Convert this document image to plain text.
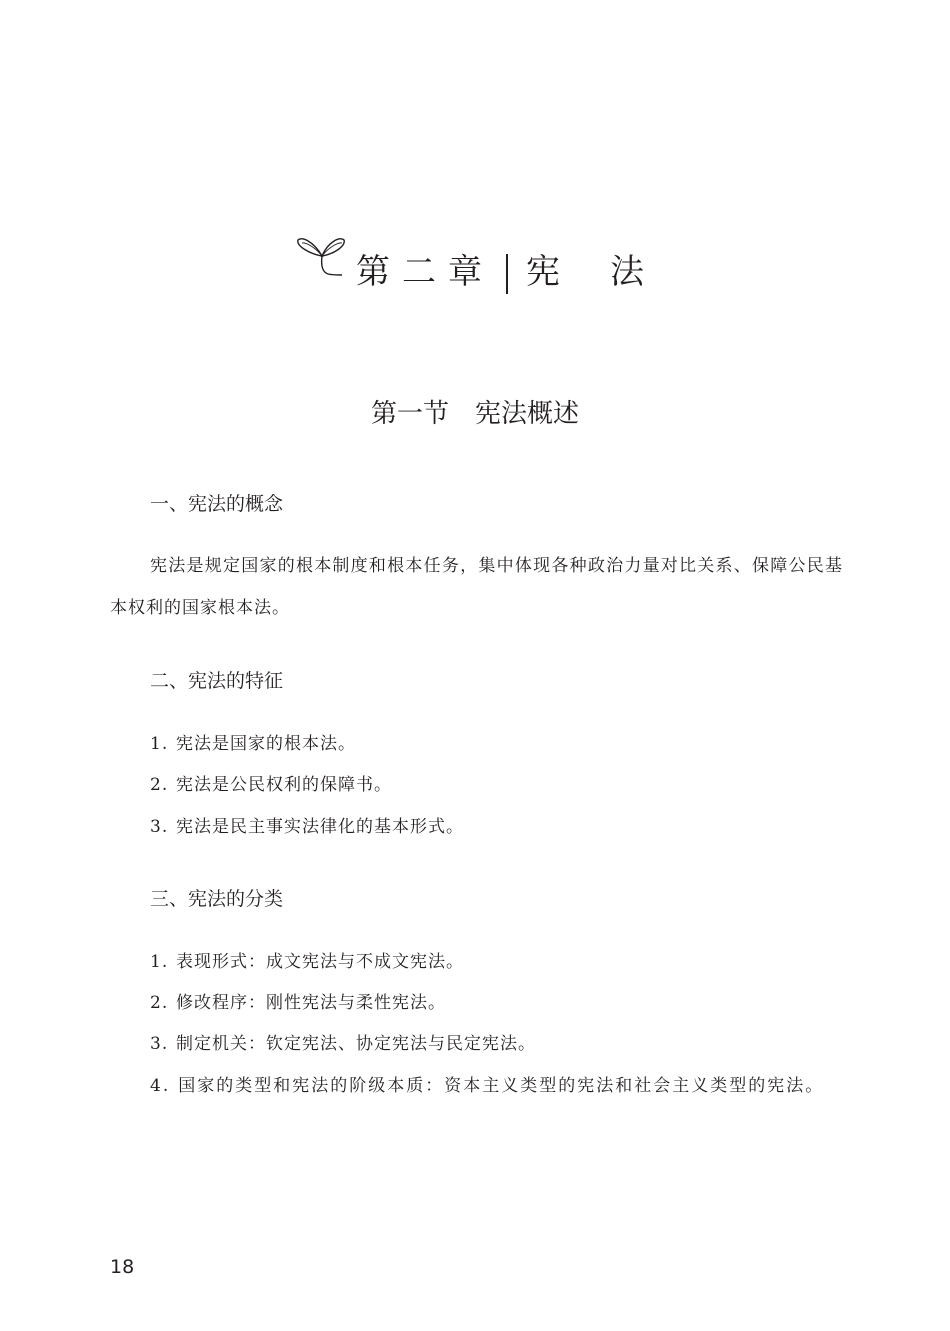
第二章 宪法
第一节　宪法概述
一、宪法的概念
宪法是规定国家的根本制度和根本任务，集中体现各种政治力量对比关系、保障公民基本权利的国家根本法。
二、宪法的特征
1. 宪法是国家的根本法。
2. 宪法是公民权利的保障书。
3. 宪法是民主事实法律化的基本形式。
三、宪法的分类
1. 表现形式：成文宪法与不成文宪法。
2. 修改程序：刚性宪法与柔性宪法。
3. 制定机关：钦定宪法、协定宪法与民定宪法。
4. 国家的类型和宪法的阶级本质：资本主义类型的宪法和社会主义类型的宪法。
18
